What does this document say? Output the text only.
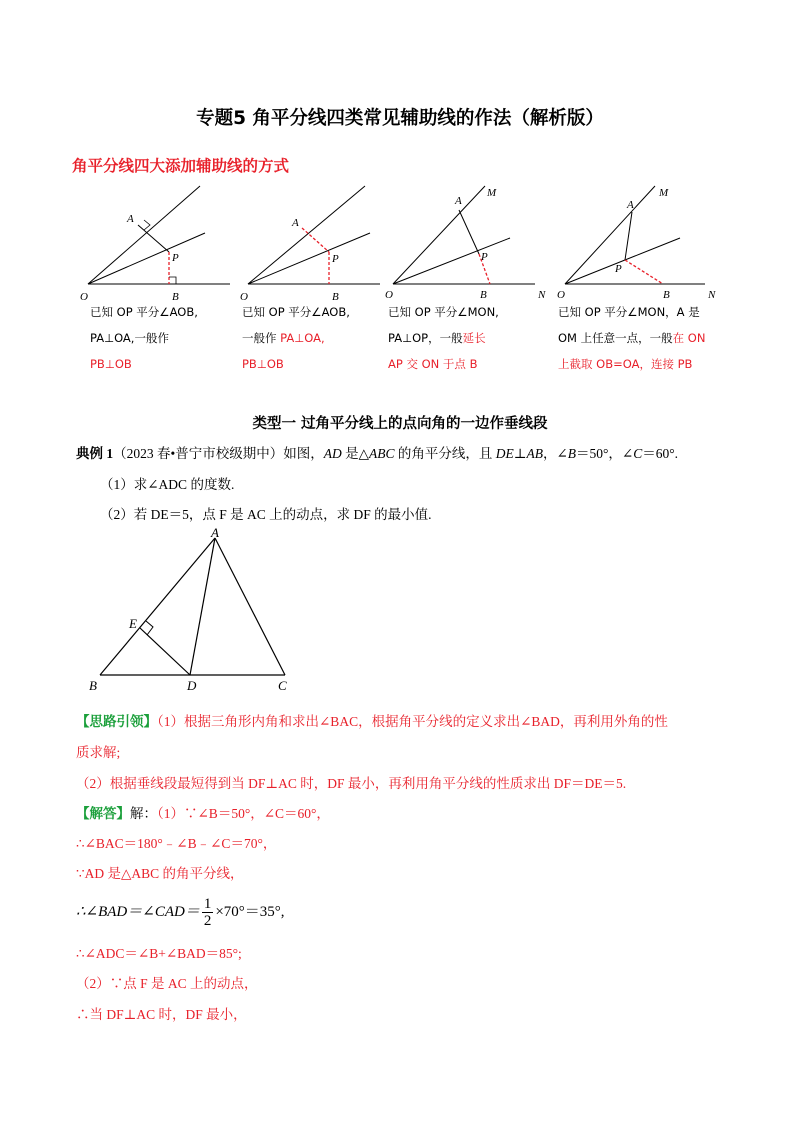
专题5 角平分线四类常见辅助线的作法（解析版）
角平分线四大添加辅助线的方式
O
A
P
B
已知 OP 平分∠AOB,
PA⊥OA,一般作
PB⊥OB
O
A
P
B
已知 OP 平分∠AOB,
一般作 PA⊥OA,
PB⊥OB
O
A
M
P
B	N
已知 OP 平分∠MON,
PA⊥OP，一般延长
AP 交 ON 于点 B
O
A
M
P
B	N
已知 OP 平分∠MON，A 是
OM 上任意一点，一般在 ON
上截取 OB=OA，连接 PB
类型一 过角平分线上的点向角的一边作垂线段
典例 1（2023 春•普宁市校级期中）如图，AD 是△ABC 的角平分线，且 DE⊥AB，∠B＝50°，∠C＝60°.
（1）求∠ADC 的度数.
（2）若 DE＝5，点 F 是 AC 上的动点，求 DF 的最小值.
A
B	D	C
E
【思路引领】（1）根据三角形内角和求出∠BAC，根据角平分线的定义求出∠BAD，再利用外角的性
质求解;
（2）根据垂线段最短得到当 DF⊥AC 时，DF 最小，再利用角平分线的性质求出 DF＝DE＝5.
【解答】解：（1）∵∠B＝50°，∠C＝60°，
∴∠BAC＝180°﹣∠B﹣∠C＝70°，
∵AD 是△ABC 的角平分线，
∴∠BAD＝∠CAD＝ $\frac{1}{2} \times 70^\circ=35^\circ$,
∴∠ADC＝∠B+∠BAD＝85°;
（2）∵点 F 是 AC 上的动点，
∴当 DF⊥AC 时，DF 最小，
